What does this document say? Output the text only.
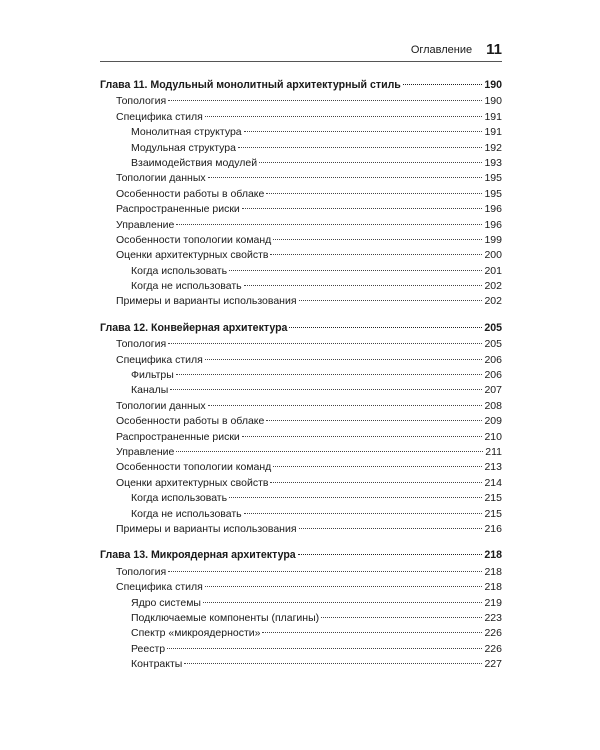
Оглавление 11
Глава 11. Модульный монолитный архитектурный стиль	190
Топология	190
Специфика стиля	191
Монолитная структура	191
Модульная структура	192
Взаимодействия модулей	193
Топологии данных	195
Особенности работы в облаке	195
Распространенные риски	196
Управление	196
Особенности топологии команд	199
Оценки архитектурных свойств	200
Когда использовать	201
Когда не использовать	202
Примеры и варианты использования	202
Глава 12. Конвейерная архитектура	205
Топология	205
Специфика стиля	206
Фильтры	206
Каналы	207
Топологии данных	208
Особенности работы в облаке	209
Распространенные риски	210
Управление	211
Особенности топологии команд	213
Оценки архитектурных свойств	214
Когда использовать	215
Когда не использовать	215
Примеры и варианты использования	216
Глава 13. Микроядерная архитектура	218
Топология	218
Специфика стиля	218
Ядро системы	219
Подключаемые компоненты (плагины)	223
Спектр «микроядерности»	226
Реестр	226
Контракты	227
